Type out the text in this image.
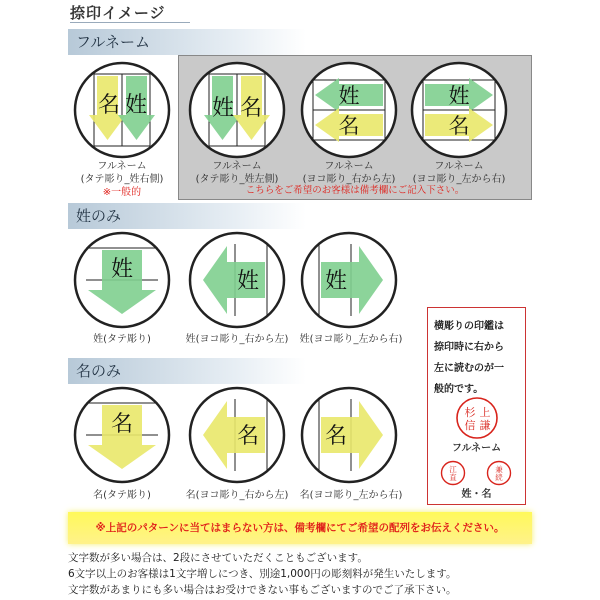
捺印イメージ
フルネーム
姓のみ
名のみ
名 姓	姓 名	姓
名
姓
名
フルネーム
(タテ彫り_姓右側)
※一般的
フルネーム
(タテ彫り_姓左側)
フルネーム
(ヨコ彫り_右から左)
フルネーム
(ヨコ彫り_左から右)
こちらをご希望のお客様は備考欄にご記入下さい。
姓	姓	姓
姓(タテ彫り)	姓(ヨコ彫り_右から左)	姓(ヨコ彫り_左から右)
名	名	名
名(タテ彫り)	名(ヨコ彫り_右から左)	名(ヨコ彫り_左から右)
横彫りの印鑑は
捺印時に右から
左に読むのが一
般的です。
上
謙
杉
信
フルネーム
江
直
兼
続
姓・名
※上記のパターンに当てはまらない方は、備考欄にてご希望の配列をお伝えください。
文字数が多い場合は、2段にさせていただくこともございます。
6文字以上のお客様は1文字増しにつき、別途1,000円の彫刻料が発生いたします。
文字数があまりにも多い場合はお受けできない事もございますのでご了承下さい。
